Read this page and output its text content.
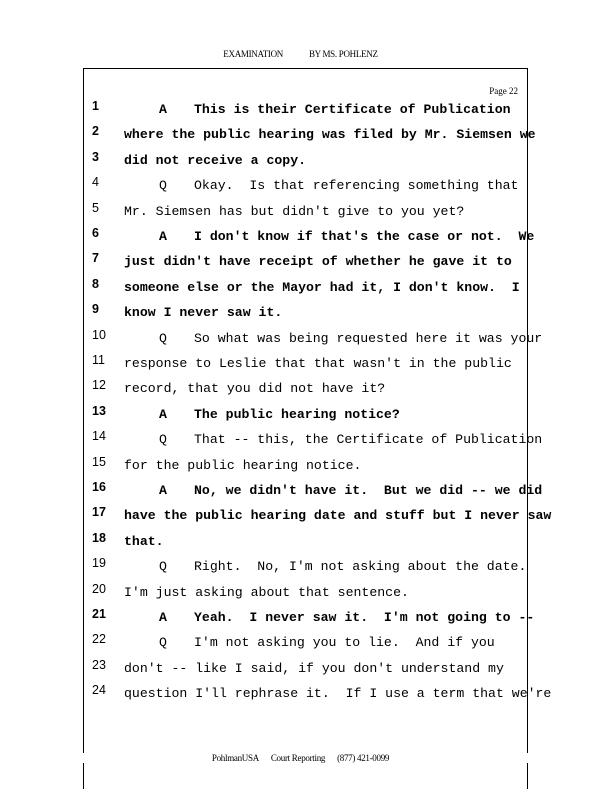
EXAMINATION	BY MS. POHLENZ
Page 22
1	A This is their Certificate of Publication
2 where the public hearing was filed by Mr. Siemsen we
3 did not receive a copy.
4	Q Okay.  Is that referencing something that
5 Mr. Siemsen has but didn't give to you yet?
6	A I don't know if that's the case or not.  We
7 just didn't have receipt of whether he gave it to
8 someone else or the Mayor had it, I don't know.  I
9 know I never saw it.
10	Q So what was being requested here it was your
11 response to Leslie that that wasn't in the public
12 record, that you did not have it?
13	A The public hearing notice?
14	Q That -- this, the Certificate of Publication
15 for the public hearing notice.
16	A No, we didn't have it.  But we did -- we did
17 have the public hearing date and stuff but I never saw
18 that.
19	Q Right.  No, I'm not asking about the date.
20 I'm just asking about that sentence.
21	A Yeah.  I never saw it.  I'm not going to --
22	Q I'm not asking you to lie.  And if you
23 don't -- like I said, if you don't understand my
24 question I'll rephrase it.  If I use a term that we're
PohlmanUSA Court Reporting (877) 421-0099
